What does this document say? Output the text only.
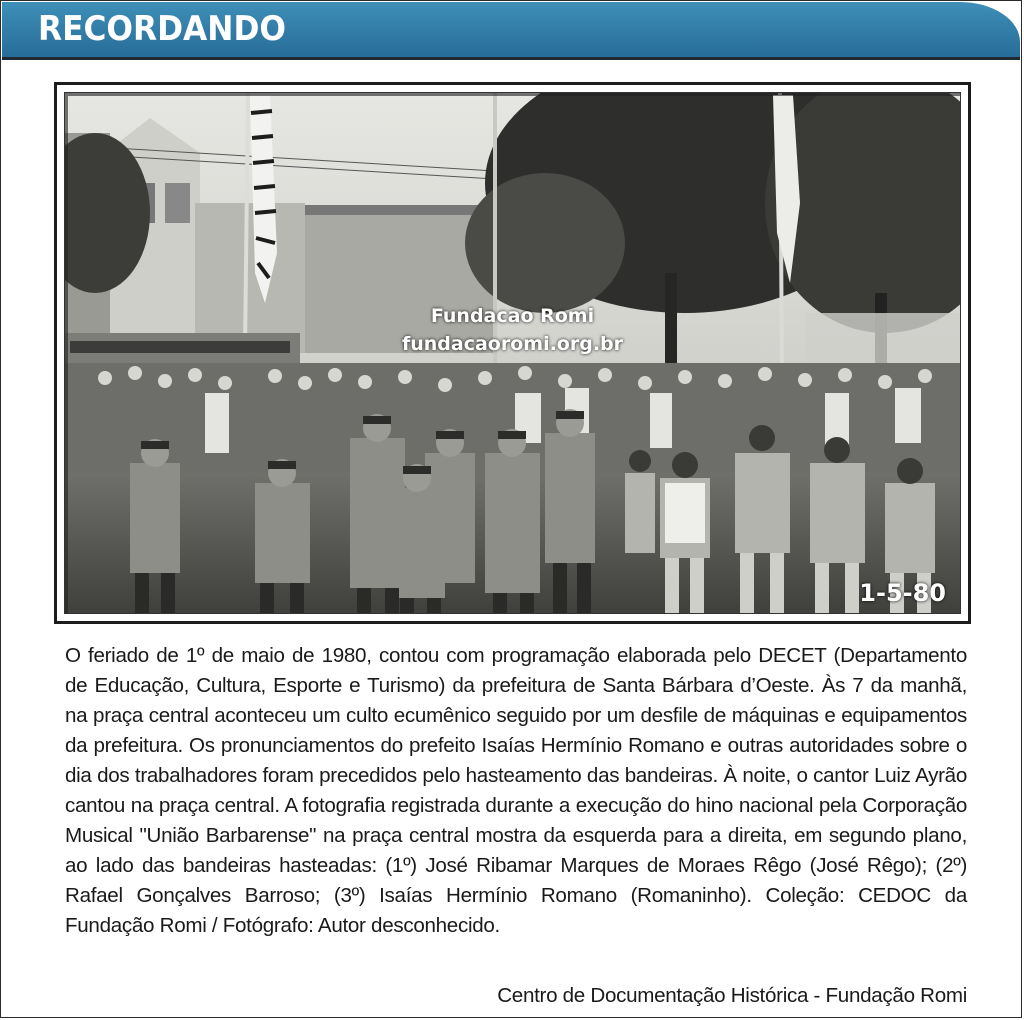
RECORDANDO
Fundacao Romi
fundacaoromi.org.br
1-5-80

O feriado de 1º de maio de 1980, contou com programação elaborada pelo DECET (Departamento de Educação, Cultura, Esporte e Turismo) da prefeitura de Santa Bárbara d’Oeste. Às 7 da manhã, na praça central aconteceu um culto ecumênico seguido por um desfile de máquinas e equipamentos da prefeitura. Os pronunciamentos do prefeito Isaías Hermínio Romano e outras autoridades sobre o dia dos trabalhadores foram precedidos pelo hasteamento das bandeiras. À noite, o cantor Luiz Ayrão cantou na praça central. A fotografia registrada durante a execução do hino nacional pela Corporação Musical "União Barbarense" na praça central mostra da esquerda para a direita, em segundo plano, ao lado das bandeiras hasteadas: (1º) José Ribamar Marques de Moraes Rêgo (José Rêgo); (2º) Rafael Gonçalves Barroso; (3º) Isaías Hermínio Romano (Romaninho). Coleção: CEDOC da Fundação Romi / Fotógrafo: Autor desconhecido.

Centro de Documentação Histórica - Fundação Romi
